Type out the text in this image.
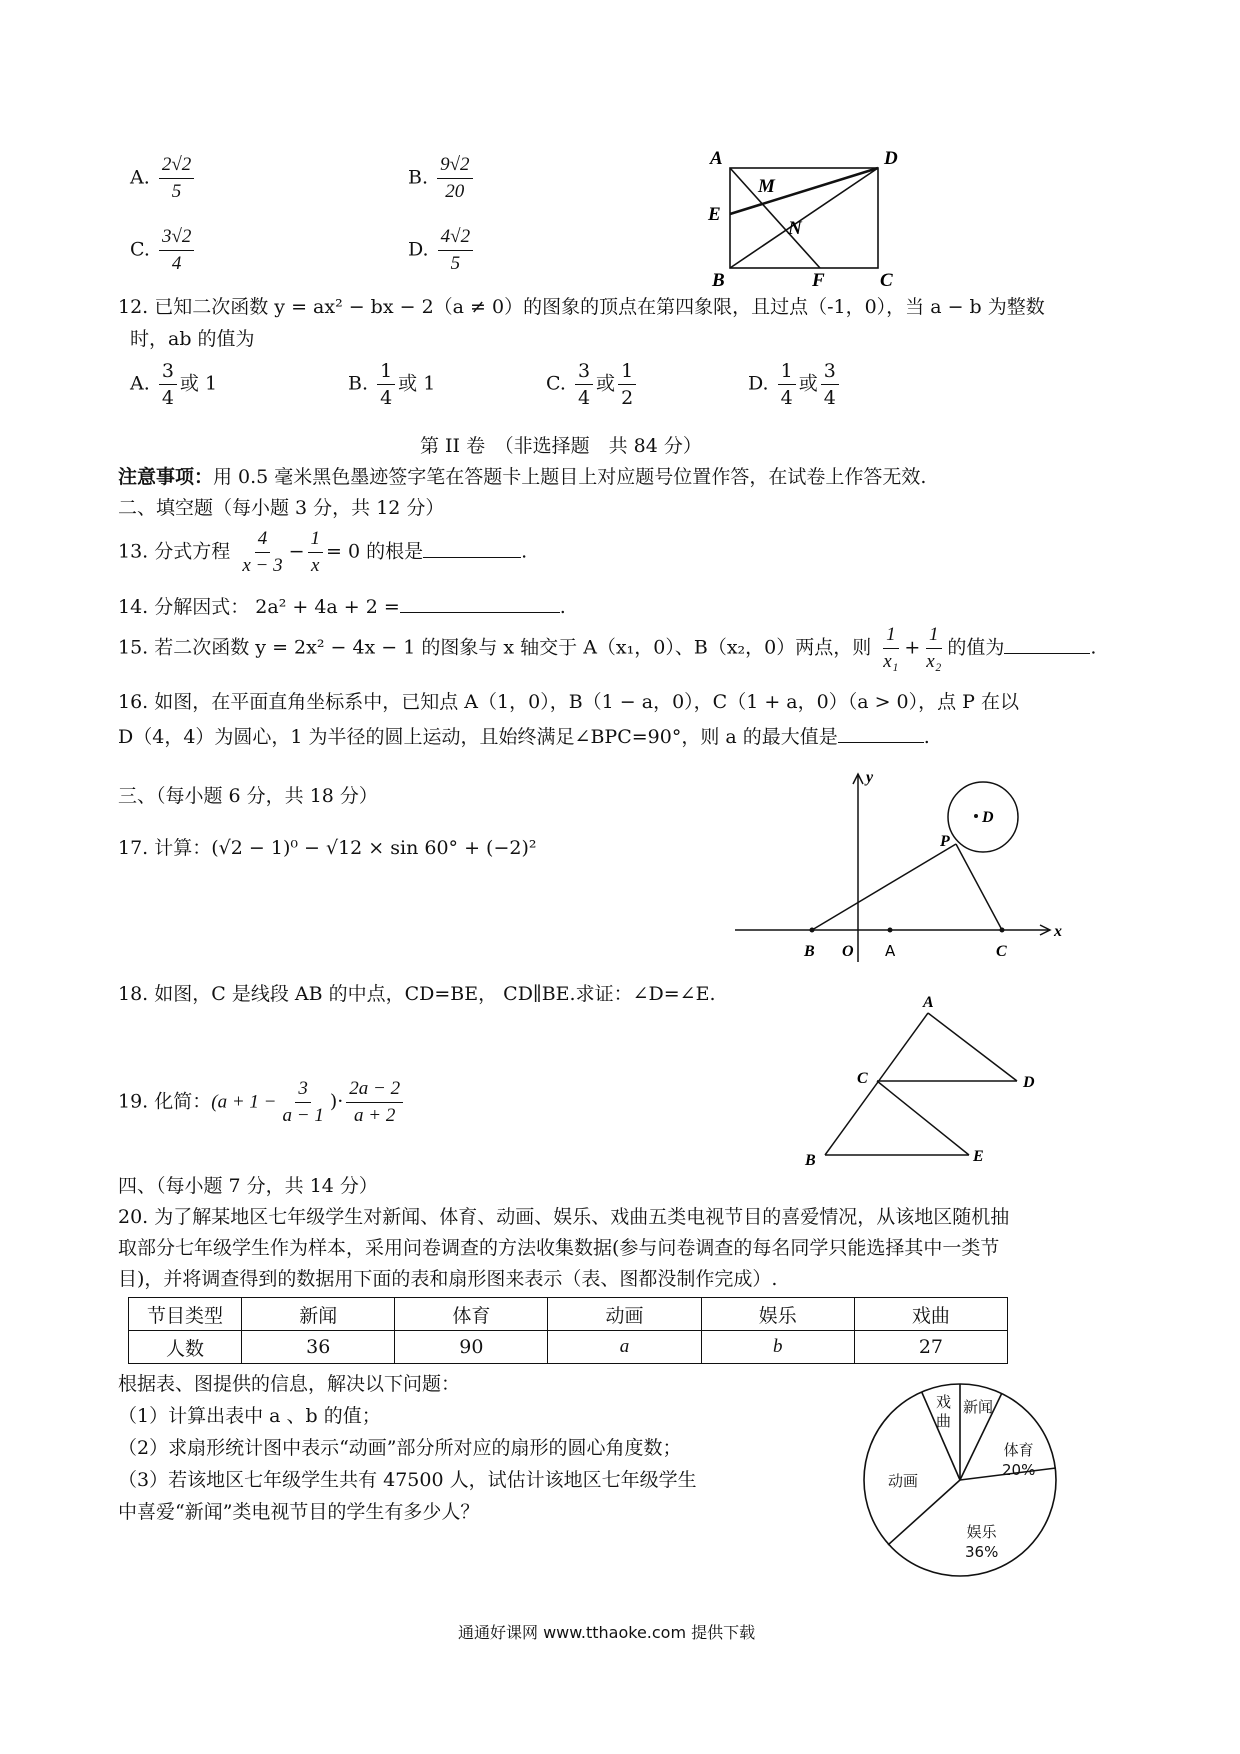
A. $\frac{2√2}{5}$	B. $\frac{9√2}{20}$
C. $\frac{3√2}{4}$	D. $\frac{4√2}{5}$
A	D
M
E
N
B	F	C
12. 已知二次函数 y = ax² − bx − 2（a ≠ 0）的图象的顶点在第四象限，且过点（-1，0），当 a − b 为整数
时，ab 的值为
A. $\frac{3}{4}$ 或 1	B. $\frac{1}{4}$ 或 1	C. $\frac{3}{4}$ 或 $\frac{1}{2}$	D. $\frac{1}{4}$ 或 $\frac{3}{4}$
第 II 卷　（非选择题　共 84 分）
注意事项：用 0.5 毫米黑色墨迹签字笔在答题卡上题目上对应题号位置作答，在试卷上作答无效.
二、填空题（每小题 3 分，共 12 分）
13. 分式方程 $\frac{4}{x - 3} - \frac{1}{x} = 0$ 的根是	.
14. 分解因式： 2a² + 4a + 2 =	.
15. 若二次函数 y = 2x² − 4x − 1 的图象与 x 轴交于 A（x₁，0）、B（x₂，0）两点，则 $\frac{1}{\text{x₁}} + \frac{1}{\text{x₂}}$ 的值为	.
16. 如图，在平面直角坐标系中，已知点 A（1，0），B（1 − a，0），C（1 + a，0）（a > 0），点 P 在以
D（4，4）为圆心，1 为半径的圆上运动，且始终满足∠BPC=90°，则 a 的最大值是	.
三、（每小题 6 分，共 18 分）
17. 计算：(√2 − 1)⁰ − √12 × sin 60° + (−2)²
y
x
D
P
B O A	C
18. 如图，C 是线段 AB 的中点，CD=BE， CD∥BE.求证：∠D=∠E.	A
C	D
B	E
19. 化简：($a + 1 - \frac{3}{a - 1}$ )· $\frac{2a - 2}{a + 2}$
四、（每小题 7 分，共 14 分）
20. 为了解某地区七年级学生对新闻、体育、动画、娱乐、戏曲五类电视节目的喜爱情况，从该地区随机抽
取部分七年级学生作为样本，采用问卷调查的方法收集数据(参与问卷调查的每名同学只能选择其中一类节
目)，并将调查得到的数据用下面的表和扇形图来表示（表、图都没制作完成）.
节目类型	新闻	体育	动画	娱乐	戏曲
人数	36	90	a	b	27
根据表、图提供的信息，解决以下问题：
（1）计算出表中 a 、b 的值；
（2）求扇形统计图中表示“动画”部分所对应的扇形的圆心角度数；
（3）若该地区七年级学生共有 47500 人，试估计该地区七年级学生
中喜爱“新闻”类电视节目的学生有多少人？
戏
曲
新闻
体育
20%
动画
娱乐
36%
通通好课网 www.tthaoke.com 提供下载
